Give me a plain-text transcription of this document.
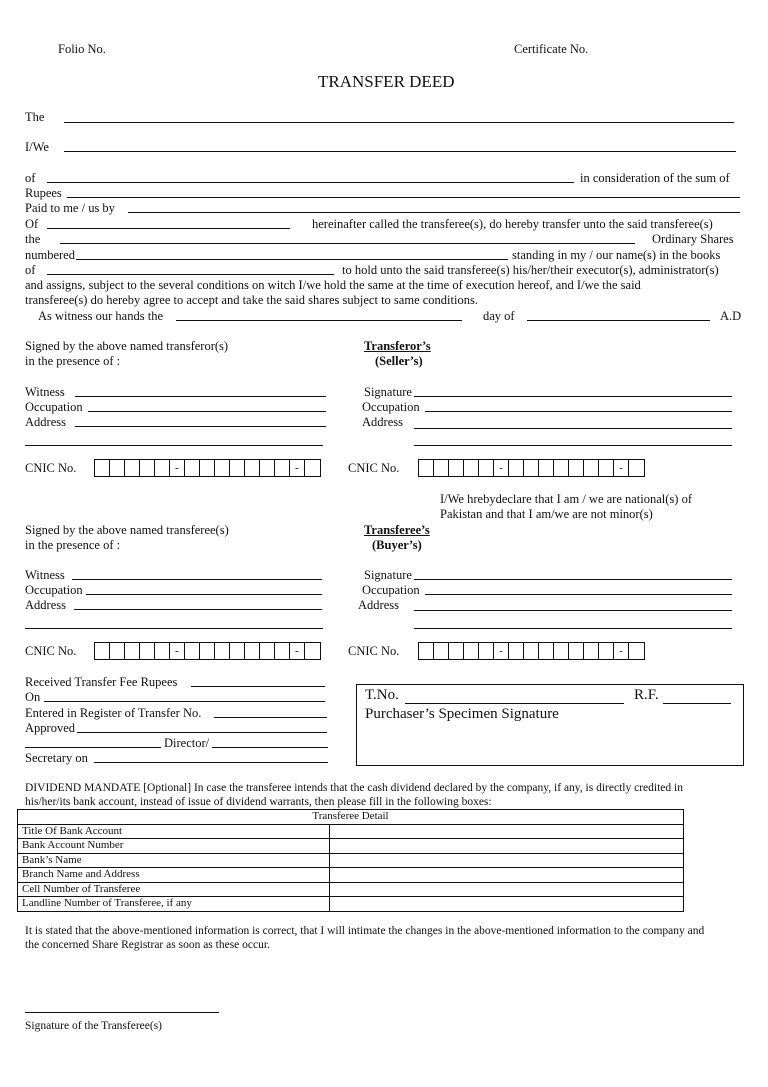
Folio No.	Certificate No.
TRANSFER DEED
The
I/We
of	in consideration of the sum of
Rupees
Paid to me / us by
Of	hereinafter called the transferee(s), do hereby transfer unto the said transferee(s)
the	Ordinary Shares
numbered	standing in my / our name(s) in the books
of	to hold unto the said transferee(s) his/her/their executor(s), administrator(s)
and assigns, subject to the several conditions on witch I/we hold the same at the time of execution hereof, and I/we the said
transferee(s) do hereby agree to accept and take the said shares subject to same conditions.
As witness our hands the	day of	A.D
Signed by the above named transferor(s)
in the presence of :
Transferor’s
(Seller’s)
Witness
Occupation
Address
Signature
Occupation
Address
CNIC No.	-	-	CNIC No.	-	-
I/We hrebydeclare that I am / we are national(s) of
Pakistan and that I am/we are not minor(s)
Signed by the above named transferee(s)
in the presence of :
Transferee’s
(Buyer’s)
Witness
Occupation
Address
Signature
Occupation
Address
CNIC No.	-	-	CNIC No.	-	-
Received Transfer Fee Rupees
On
Entered in Register of Transfer No.
Approved
Director/
Secretary on
T.No.	R.F.
Purchaser’s Specimen Signature
DIVIDEND MANDATE [Optional] In case the transferee intends that the cash dividend declared by the company, if any, is directly credited in
his/her/its bank account, instead of issue of dividend warrants, then please fill in the following boxes:
Transferee Detail	
Title Of Bank Account	
Bank Account Number	
Bank’s Name	
Branch Name and Address	
Cell Number of Transferee	
Landline Number of Transferee, if any	
It is stated that the above-mentioned information is correct, that I will intimate the changes in the above-mentioned information to the company and
the concerned Share Registrar as soon as these occur.
Signature of the Transferee(s)
